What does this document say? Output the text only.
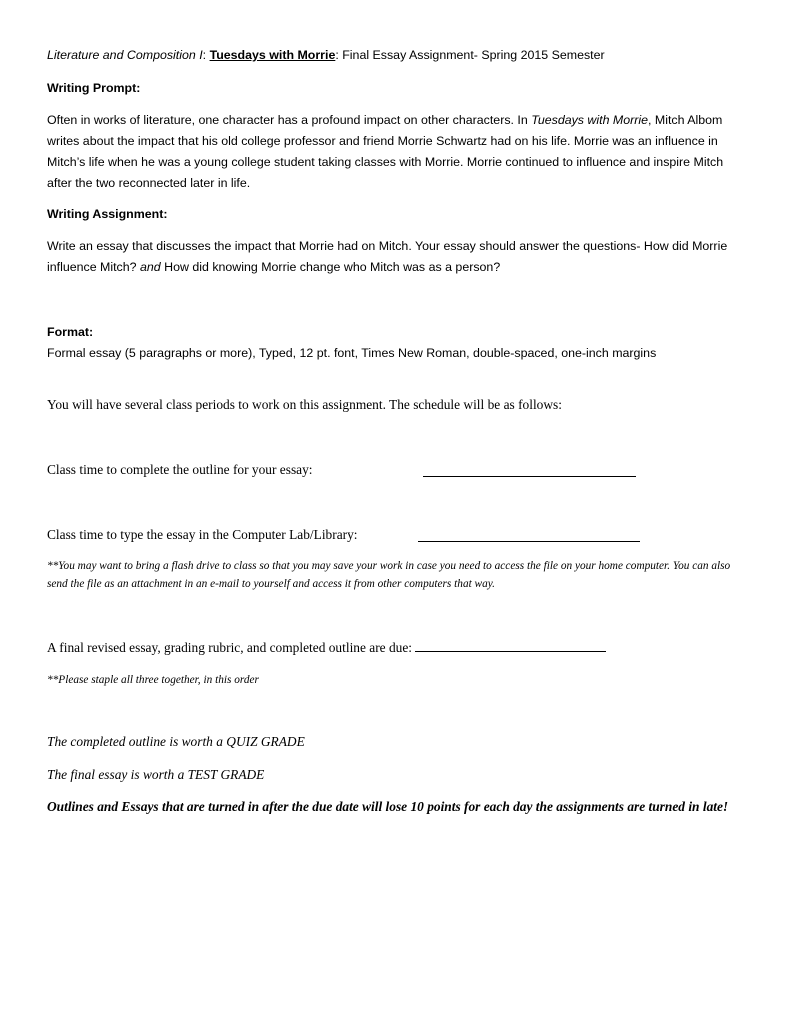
Literature and Composition I: Tuesdays with Morrie: Final Essay Assignment- Spring 2015 Semester

Writing Prompt:

Often in works of literature, one character has a profound impact on other characters. In Tuesdays with Morrie, Mitch Albom writes about the impact that his old college professor and friend Morrie Schwartz had on his life. Morrie was an influence in Mitch’s life when he was a young college student taking classes with Morrie. Morrie continued to influence and inspire Mitch after the two reconnected later in life.

Writing Assignment:

Write an essay that discusses the impact that Morrie had on Mitch. Your essay should answer the questions- How did Morrie influence Mitch? and How did knowing Morrie change who Mitch was as a person?

Format:

Formal essay (5 paragraphs or more), Typed, 12 pt. font, Times New Roman, double-spaced, one-inch margins

You will have several class periods to work on this assignment. The schedule will be as follows:

Class time to complete the outline for your essay:

Class time to type the essay in the Computer Lab/Library:

**You may want to bring a flash drive to class so that you may save your work in case you need to access the file on your home computer. You can also send the file as an attachment in an e-mail to yourself and access it from other computers that way.

A final revised essay, grading rubric, and completed outline are due:

**Please staple all three together, in this order

The completed outline is worth a QUIZ GRADE

The final essay is worth a TEST GRADE

Outlines and Essays that are turned in after the due date will lose 10 points for each day the assignments are turned in late!
